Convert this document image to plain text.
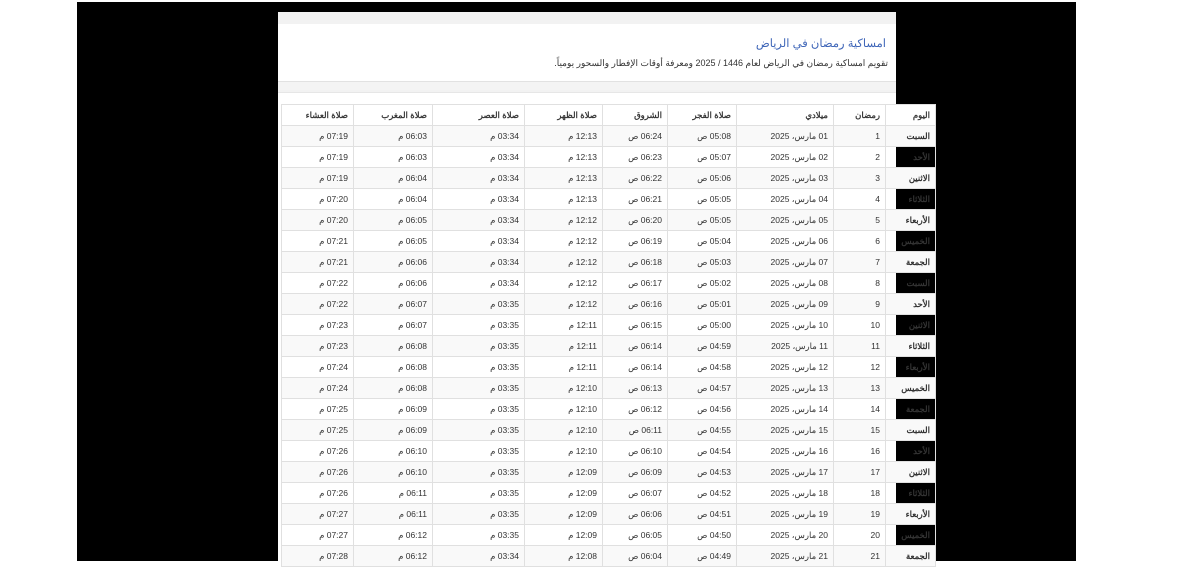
امساكية رمضان في الرياض

تقويم امساكية رمضان في الرياض لعام 1446 / 2025 ومعرفة أوقات الإفطار والسحور يومياً.

اليوم	رمضان	ميلادي	صلاة الفجر	الشروق	صلاة الظهر	صلاة العصر	صلاة المغرب	صلاة العشاء
السبت	1	01 مارس، 2025	05:08 ص	06:24 ص	12:13 م	03:34 م	06:03 م	07:19 م
الأحد	2	02 مارس، 2025	05:07 ص	06:23 ص	12:13 م	03:34 م	06:03 م	07:19 م
الاثنين	3	03 مارس، 2025	05:06 ص	06:22 ص	12:13 م	03:34 م	06:04 م	07:19 م
الثلاثاء	4	04 مارس، 2025	05:05 ص	06:21 ص	12:13 م	03:34 م	06:04 م	07:20 م
الأربعاء	5	05 مارس، 2025	05:05 ص	06:20 ص	12:12 م	03:34 م	06:05 م	07:20 م
الخميس	6	06 مارس، 2025	05:04 ص	06:19 ص	12:12 م	03:34 م	06:05 م	07:21 م
الجمعة	7	07 مارس، 2025	05:03 ص	06:18 ص	12:12 م	03:34 م	06:06 م	07:21 م
السبت	8	08 مارس، 2025	05:02 ص	06:17 ص	12:12 م	03:34 م	06:06 م	07:22 م
الأحد	9	09 مارس، 2025	05:01 ص	06:16 ص	12:12 م	03:35 م	06:07 م	07:22 م
الاثنين	10	10 مارس، 2025	05:00 ص	06:15 ص	12:11 م	03:35 م	06:07 م	07:23 م
الثلاثاء	11	11 مارس، 2025	04:59 ص	06:14 ص	12:11 م	03:35 م	06:08 م	07:23 م
الأربعاء	12	12 مارس، 2025	04:58 ص	06:14 ص	12:11 م	03:35 م	06:08 م	07:24 م
الخميس	13	13 مارس، 2025	04:57 ص	06:13 ص	12:10 م	03:35 م	06:08 م	07:24 م
الجمعة	14	14 مارس، 2025	04:56 ص	06:12 ص	12:10 م	03:35 م	06:09 م	07:25 م
السبت	15	15 مارس، 2025	04:55 ص	06:11 ص	12:10 م	03:35 م	06:09 م	07:25 م
الأحد	16	16 مارس، 2025	04:54 ص	06:10 ص	12:10 م	03:35 م	06:10 م	07:26 م
الاثنين	17	17 مارس، 2025	04:53 ص	06:09 ص	12:09 م	03:35 م	06:10 م	07:26 م
الثلاثاء	18	18 مارس، 2025	04:52 ص	06:07 ص	12:09 م	03:35 م	06:11 م	07:26 م
الأربعاء	19	19 مارس، 2025	04:51 ص	06:06 ص	12:09 م	03:35 م	06:11 م	07:27 م
الخميس	20	20 مارس، 2025	04:50 ص	06:05 ص	12:09 م	03:35 م	06:12 م	07:27 م
الجمعة	21	21 مارس، 2025	04:49 ص	06:04 ص	12:08 م	03:34 م	06:12 م	07:28 م
